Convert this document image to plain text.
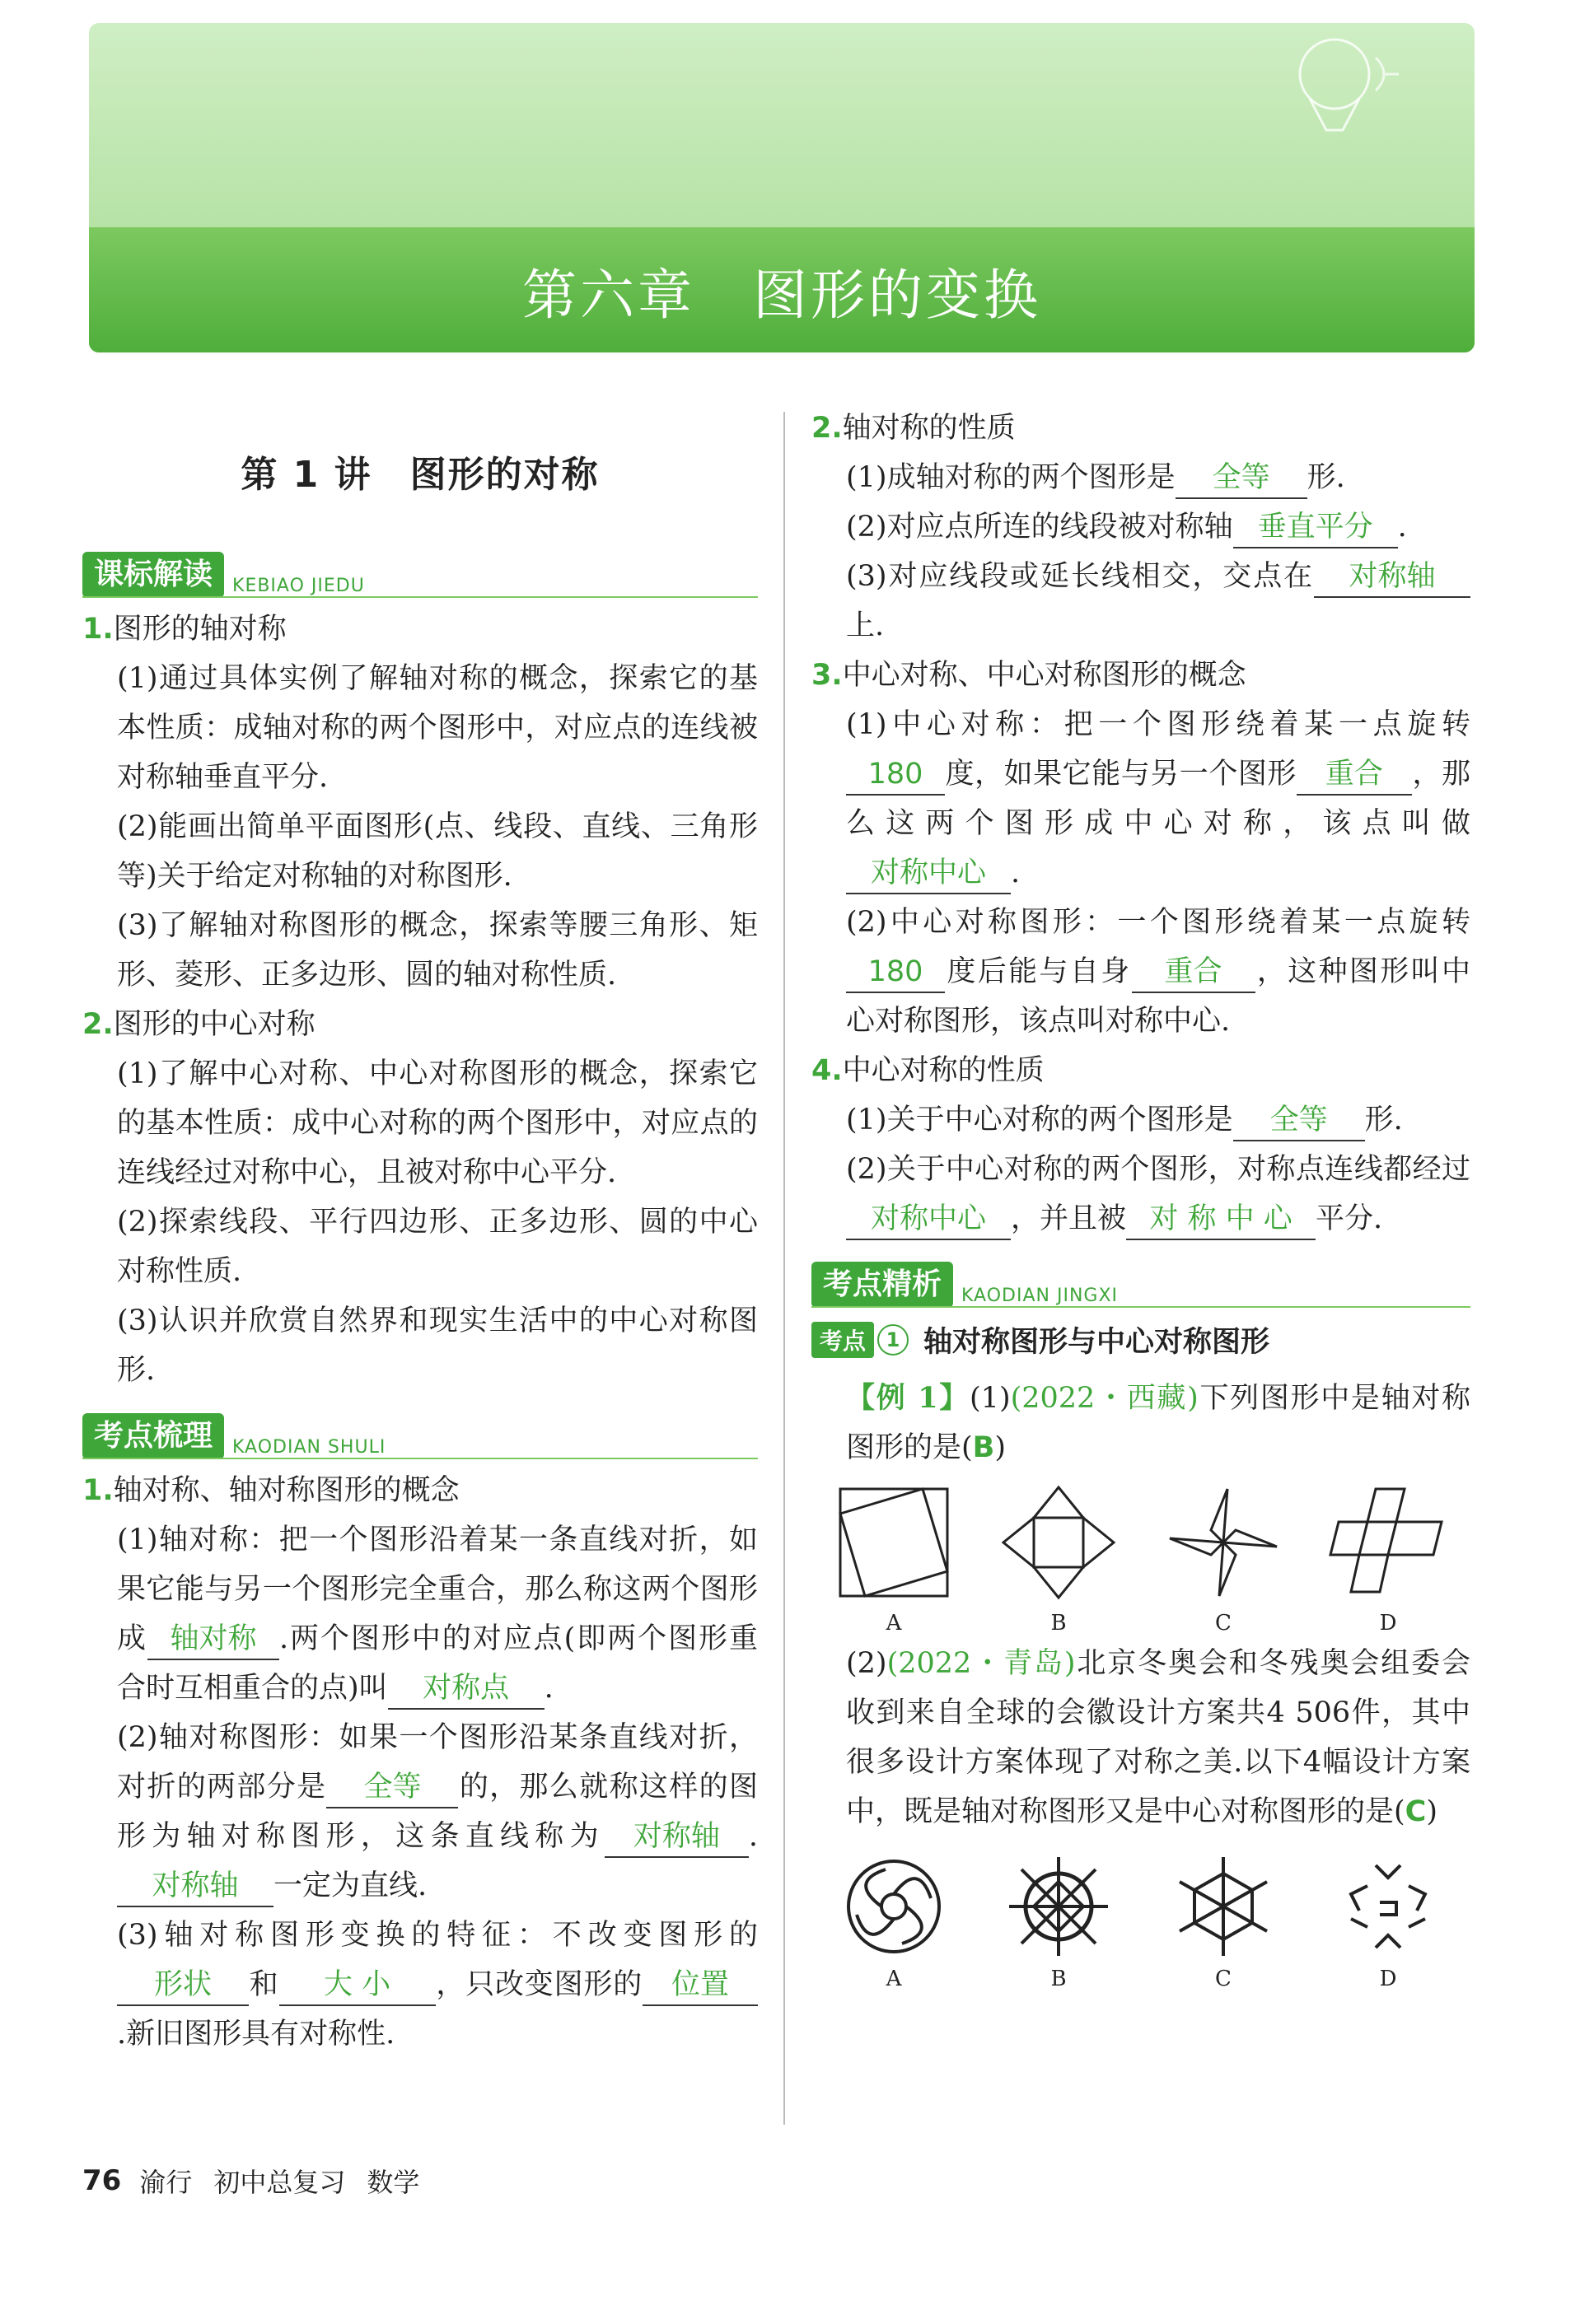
第六章　图形的变换
第 1 讲　图形的对称
课标解读	KEBIAO JIEDU
1.图形的轴对称
(1)通过具体实例了解轴对称的概念，探索它的基本性质：成轴对称的两个图形中，对应点的连线被对称轴垂直平分.
(2)能画出简单平面图形(点、线段、直线、三角形等)关于给定对称轴的对称图形.
(3)了解轴对称图形的概念，探索等腰三角形、矩形、菱形、正多边形、圆的轴对称性质.
2.图形的中心对称
(1)了解中心对称、中心对称图形的概念，探索它的基本性质：成中心对称的两个图形中，对应点的连线经过对称中心，且被对称中心平分.
(2)探索线段、平行四边形、正多边形、圆的中心对称性质.
(3)认识并欣赏自然界和现实生活中的中心对称图形.
考点梳理	KAODIAN SHULI
1.轴对称、轴对称图形的概念
(1)轴对称：把一个图形沿着某一条直线对折，如果它能与另一个图形完全重合，那么称这两个图形成 轴对称 .两个图形中的对应点(即两个图形重合时互相重合的点)叫 对称点 .
(2)轴对称图形：如果一个图形沿某条直线对折，对折的两部分是 全等 的，那么就称这样的图形为轴对称图形，这条直线称为 对称轴 .对称轴 一定为直线.
(3)轴对称图形变换的特征：不改变图形的形状 和 大 小 ，只改变图形的 位置.新旧图形具有对称性.
2.轴对称的性质
(1)成轴对称的两个图形是 全等 形.
(2)对应点所连的线段被对称轴 垂直平分 .
(3)对应线段或延长线相交，交点在 对称轴上.
3.中心对称、中心对称图形的概念
(1)中心对称：把一个图形绕着某一点旋转180 度，如果它能与另一个图形 重合 ，那么这两个图形成中心对称，该点叫做对称中心 .
(2)中心对称图形：一个图形绕着某一点旋转180 度后能与自身 重合 ，这种图形叫中心对称图形，该点叫对称中心.
4.中心对称的性质
(1)关于中心对称的两个图形是 全等 形.
(2)关于中心对称的两个图形，对称点连线都经过对称中心 ，并且被 对 称 中 心 平分.
考点精析	KAODIAN JINGXI
考点	1 轴对称图形与中心对称图形
【例 1】(1)(2022・西藏)下列图形中是轴对称图形的是(B)
A	B	C	D
(2)(2022・青岛)北京冬奥会和冬残奥会组委会收到来自全球的会徽设计方案共4 506件，其中很多设计方案体现了对称之美.以下4幅设计方案中，既是轴对称图形又是中心对称图形的是(C)
A	B	C	D
76 渝行 初中总复习 数学
